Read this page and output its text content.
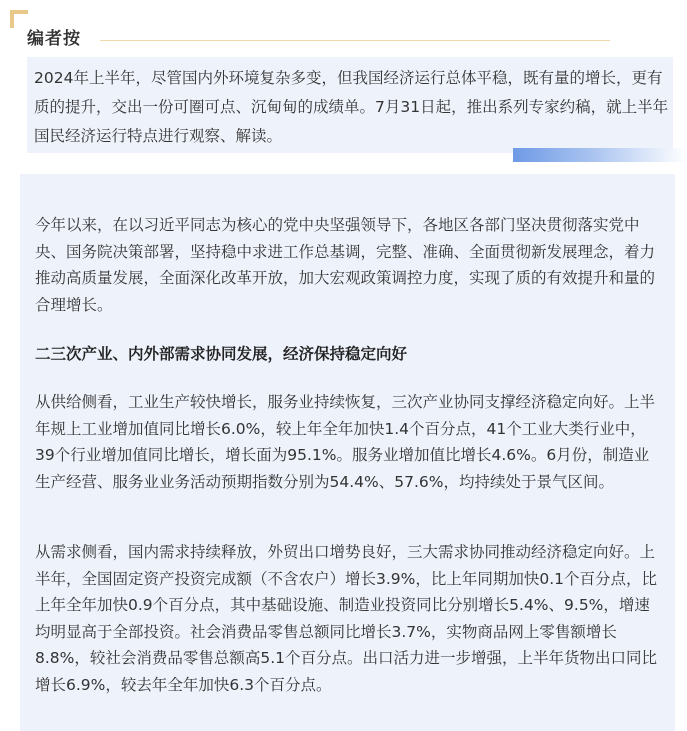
编者按

2024年上半年，尽管国内外环境复杂多变，但我国经济运行总体平稳，既有量的增长，更有质的提升，交出一份可圈可点、沉甸甸的成绩单。7月31日起，推出系列专家约稿，就上半年国民经济运行特点进行观察、解读。

今年以来，在以习近平同志为核心的党中央坚强领导下，各地区各部门坚决贯彻落实党中央、国务院决策部署，坚持稳中求进工作总基调，完整、准确、全面贯彻新发展理念，着力推动高质量发展，全面深化改革开放，加大宏观政策调控力度，实现了质的有效提升和量的合理增长。

二三次产业、内外部需求协同发展，经济保持稳定向好

从供给侧看，工业生产较快增长，服务业持续恢复，三次产业协同支撑经济稳定向好。上半年规上工业增加值同比增长6.0%，较上年全年加快1.4个百分点，41个工业大类行业中，39个行业增加值同比增长，增长面为95.1%。服务业增加值比增长4.6%。6月份，制造业生产经营、服务业业务活动预期指数分别为54.4%、57.6%，均持续处于景气区间。

从需求侧看，国内需求持续释放，外贸出口增势良好，三大需求协同推动经济稳定向好。上半年，全国固定资产投资完成额（不含农户）增长3.9%，比上年同期加快0.1个百分点，比上年全年加快0.9个百分点，其中基础设施、制造业投资同比分别增长5.4%、9.5%，增速均明显高于全部投资。社会消费品零售总额同比增长3.7%，实物商品网上零售额增长8.8%，较社会消费品零售总额高5.1个百分点。出口活力进一步增强，上半年货物出口同比增长6.9%，较去年全年加快6.3个百分点。
